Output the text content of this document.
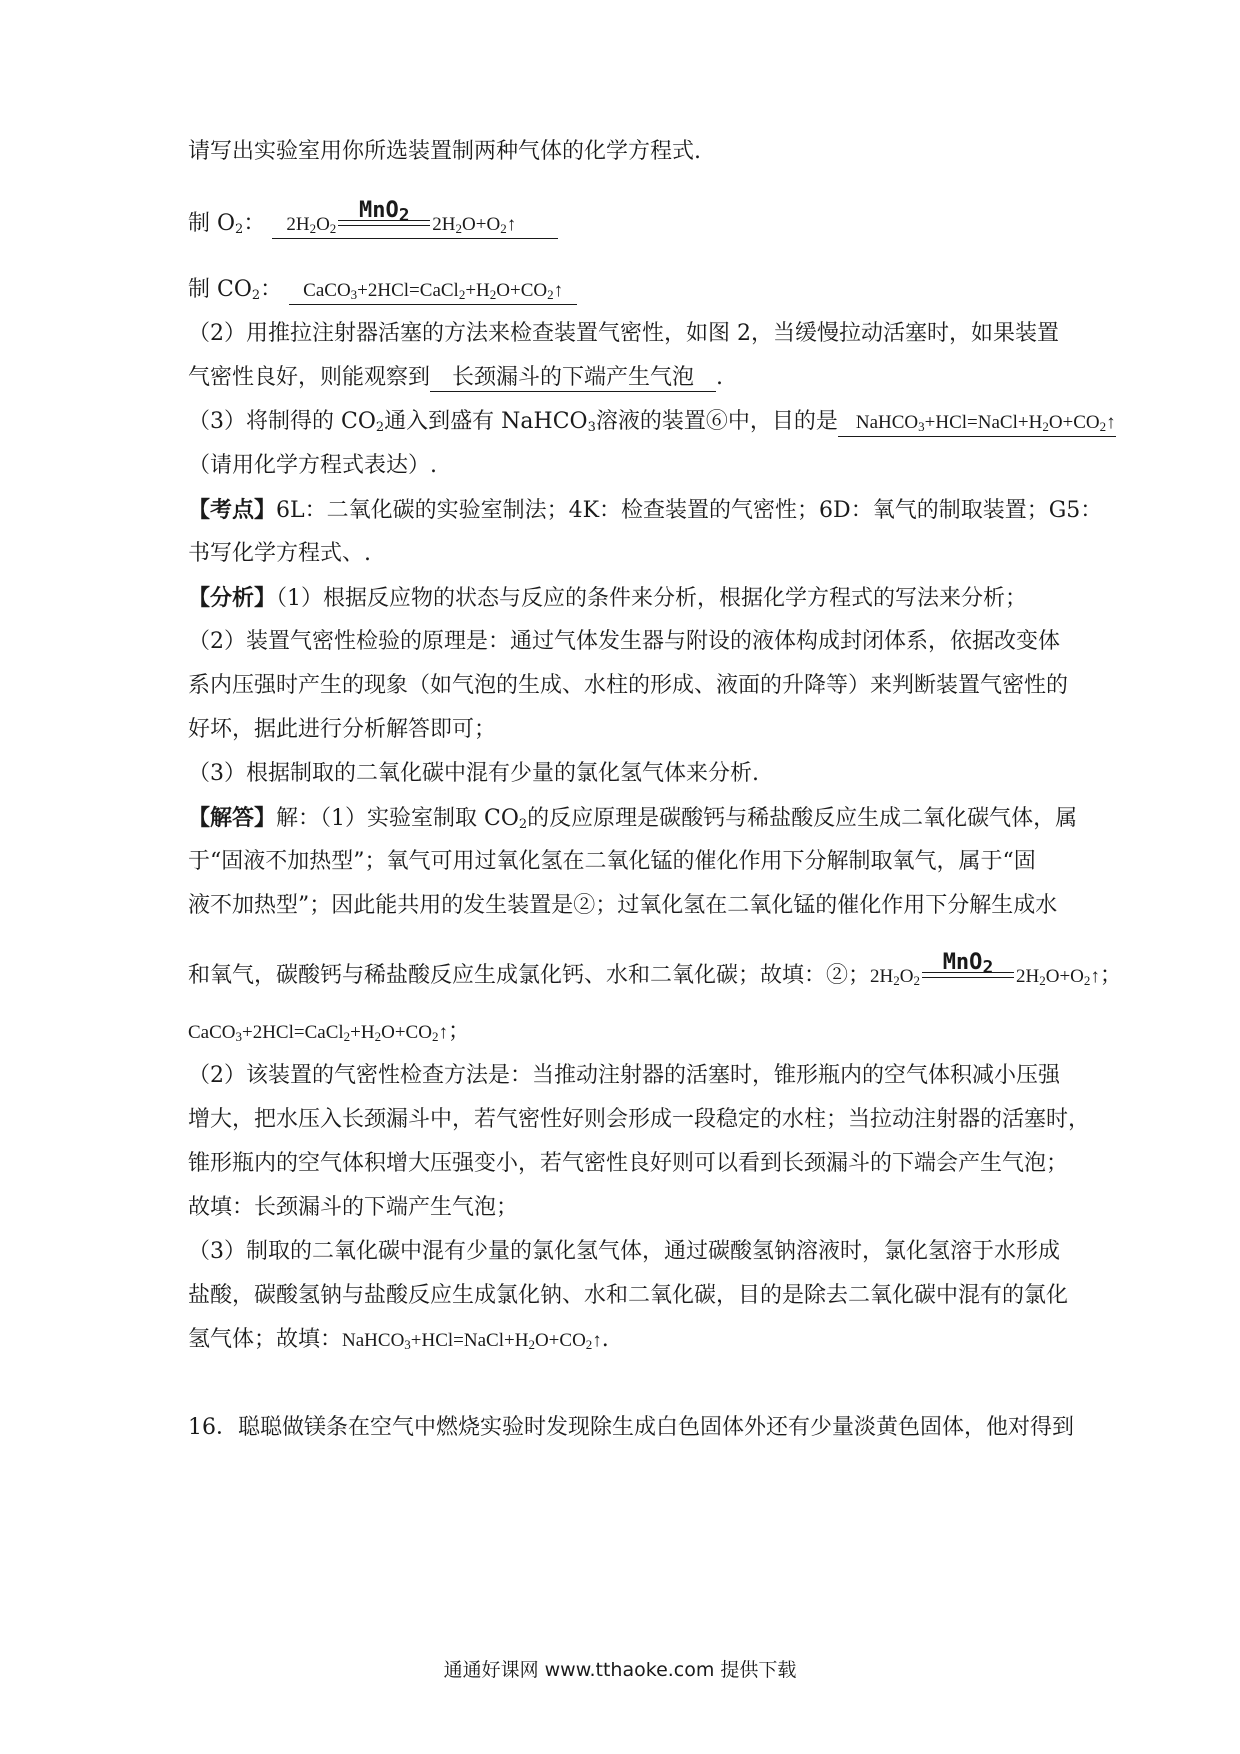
请写出实验室用你所选装置制两种气体的化学方程式.
制 $O_2$： $2H_2O_2$
MnO$_2$	$2H_2O+O_2↑$
制 $CO_2$： $CaCO_3+2HCl=CaCl_2+H_2O+CO_2↑$
（2）用推拉注射器活塞的方法来检查装置气密性，如图 2，当缓慢拉动活塞时，如果装置
气密性良好，则能观察到 长颈漏斗的下端产生气泡 .
（3）将制得的 $CO_2$通入到盛有 NaHCO$_3$溶液的装置⑥中，目的是 $NaHCO_3+HCl=NaCl+H_2O+CO_2↑$
（请用化学方程式表达）.
【考点】6L：二氧化碳的实验室制法；4K：检查装置的气密性；6D：氧气的制取装置；G5：
书写化学方程式、.
【分析】（1）根据反应物的状态与反应的条件来分析，根据化学方程式的写法来分析；
（2）装置气密性检验的原理是：通过气体发生器与附设的液体构成封闭体系，依据改变体
系内压强时产生的现象（如气泡的生成、水柱的形成、液面的升降等）来判断装置气密性的
好坏，据此进行分析解答即可；
（3）根据制取的二氧化碳中混有少量的氯化氢气体来分析.
【解答】解：（1）实验室制取 $CO_2$的反应原理是碳酸钙与稀盐酸反应生成二氧化碳气体，属
于“固液不加热型”；氧气可用过氧化氢在二氧化锰的催化作用下分解制取氧气，属于“固
液不加热型”；因此能共用的发生装置是②；过氧化氢在二氧化锰的催化作用下分解生成水
和氧气，碳酸钙与稀盐酸反应生成氯化钙、水和二氧化碳；故填：②；$2H_2O_2$
MnO$_2$	$2H_2O+O_2↑$；
$CaCO_3+2HCl=CaCl_2+H_2O+CO_2↑$；
（2）该装置的气密性检查方法是：当推动注射器的活塞时，锥形瓶内的空气体积减小压强
增大，把水压入长颈漏斗中，若气密性好则会形成一段稳定的水柱；当拉动注射器的活塞时，
锥形瓶内的空气体积增大压强变小，若气密性良好则可以看到长颈漏斗的下端会产生气泡；
故填：长颈漏斗的下端产生气泡；
（3）制取的二氧化碳中混有少量的氯化氢气体，通过碳酸氢钠溶液时，氯化氢溶于水形成
盐酸，碳酸氢钠与盐酸反应生成氯化钠、水和二氧化碳，目的是除去二氧化碳中混有的氯化
氢气体；故填：$NaHCO_3+HCl=NaCl+H_2O+CO_2↑$.
16．聪聪做镁条在空气中燃烧实验时发现除生成白色固体外还有少量淡黄色固体，他对得到
通通好课网 www.tthaoke.com 提供下载
